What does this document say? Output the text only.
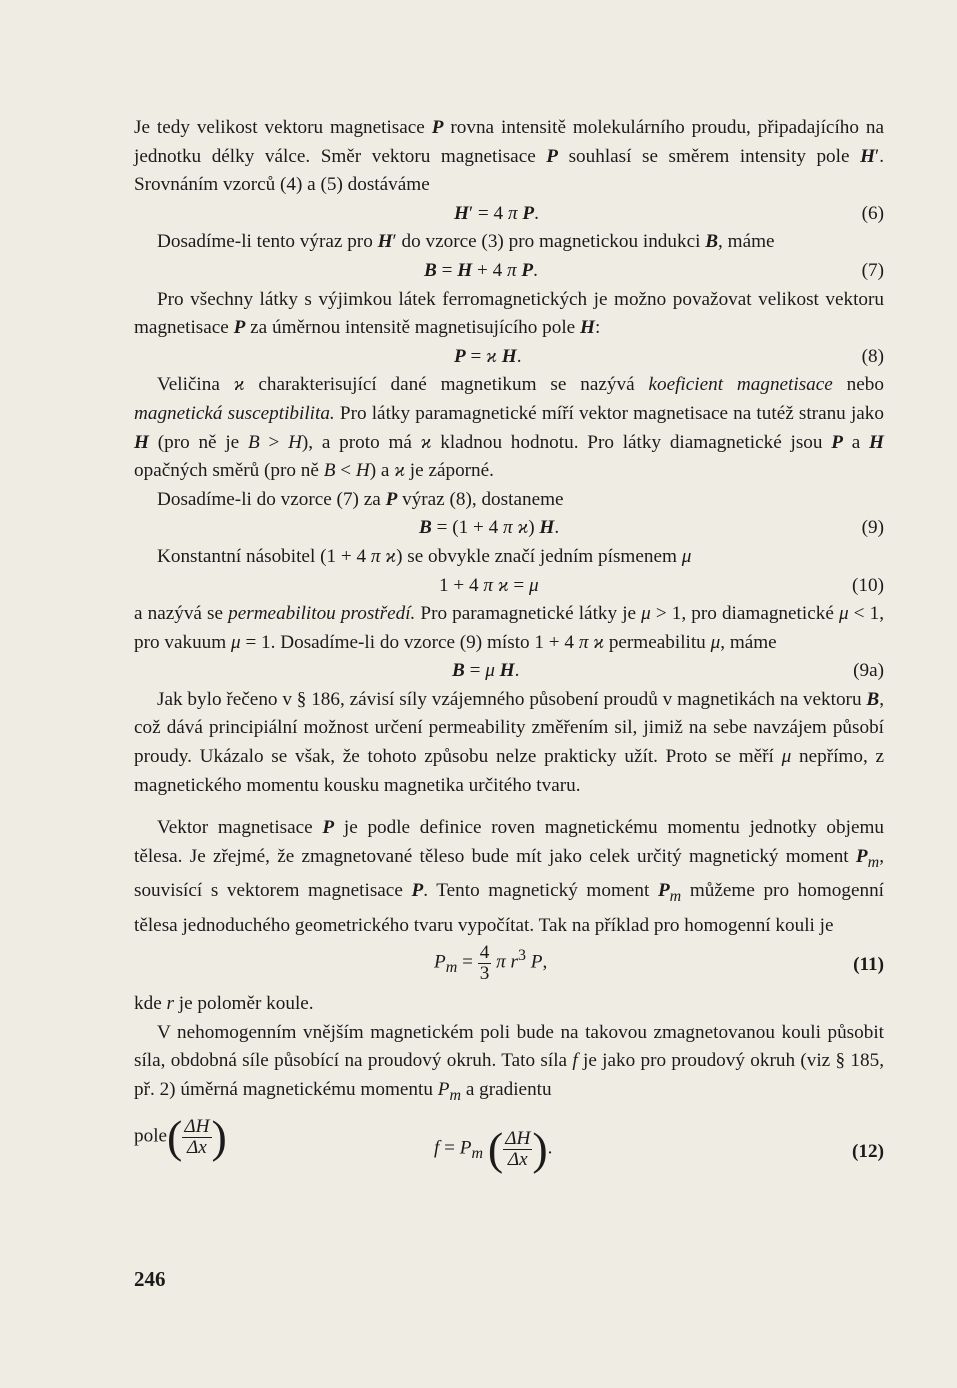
Je tedy velikost vektoru magnetisace P rovna intensitě molekulárního proudu, připadajícího na jednotku délky válce. Směr vektoru magnetisace P souhlasí se směrem intensity pole H′. Srovnáním vzorců (4) a (5) dostáváme

H′ = 4 π P.	(6)

Dosadíme-li tento výraz pro H′ do vzorce (3) pro magnetickou indukci B, máme

B = H + 4 π P.	(7)

Pro všechny látky s výjimkou látek ferromagnetických je možno považovat velikost vektoru magnetisace P za úměrnou intensitě magnetisujícího pole H:

P = ϰ H.	(8)

Veličina ϰ charakterisující dané magnetikum se nazývá koeficient magnetisace nebo magnetická susceptibilita. Pro látky paramagnetické míří vektor magnetisace na tutéž stranu jako H (pro ně je B > H), a proto má ϰ kladnou hodnotu. Pro látky diamagnetické jsou P a H opačných směrů (pro ně B < H) a ϰ je záporné.

Dosadíme-li do vzorce (7) za P výraz (8), dostaneme

B = (1 + 4 π ϰ) H.	(9)

Konstantní násobitel (1 + 4 π ϰ) se obvykle značí jedním písmenem μ

1 + 4 π ϰ = μ	(10)

a nazývá se permeabilitou prostředí. Pro paramagnetické látky je μ > 1, pro diamagnetické μ < 1, pro vakuum μ = 1. Dosadíme-li do vzorce (9) místo 1 + 4 π ϰ permeabilitu μ, máme

B = μ H.	(9a)

Jak bylo řečeno v § 186, závisí síly vzájemného působení proudů v magnetikách na vektoru B, což dává principiální možnost určení permeability změřením sil, jimiž na sebe navzájem působí proudy. Ukázalo se však, že tohoto způsobu nelze prakticky užít. Proto se měří μ nepřímo, z magnetického momentu kousku magnetika určitého tvaru.

Vektor magnetisace P je podle definice roven magnetickému momentu jednotky objemu tělesa. Je zřejmé, že zmagnetované těleso bude mít jako celek určitý magnetický moment $P_m$, souvisící s vektorem magnetisace P. Tento magnetický moment $P_m$ můžeme pro homogenní tělesa jednoduchého geometrického tvaru vypočítat. Tak na příklad pro homogenní kouli je

$P_m = \frac{4}{3}$ π $r^3$ P,	(11)

kde r je poloměr koule.

V nehomogenním vnějším magnetickém poli bude na takovou zmagnetovanou kouli působit síla, obdobná síle působící na proudový okruh. Tato síla f je jako pro proudový okruh (viz § 185, př. 2) úměrná magnetickému momentu $P_m$ a gradientu

pole( $\frac{\Delta H}{\Delta x}$ )	$f = P_m$ ( $\frac{\Delta H}{\Delta x}$ ).	(12)
246
